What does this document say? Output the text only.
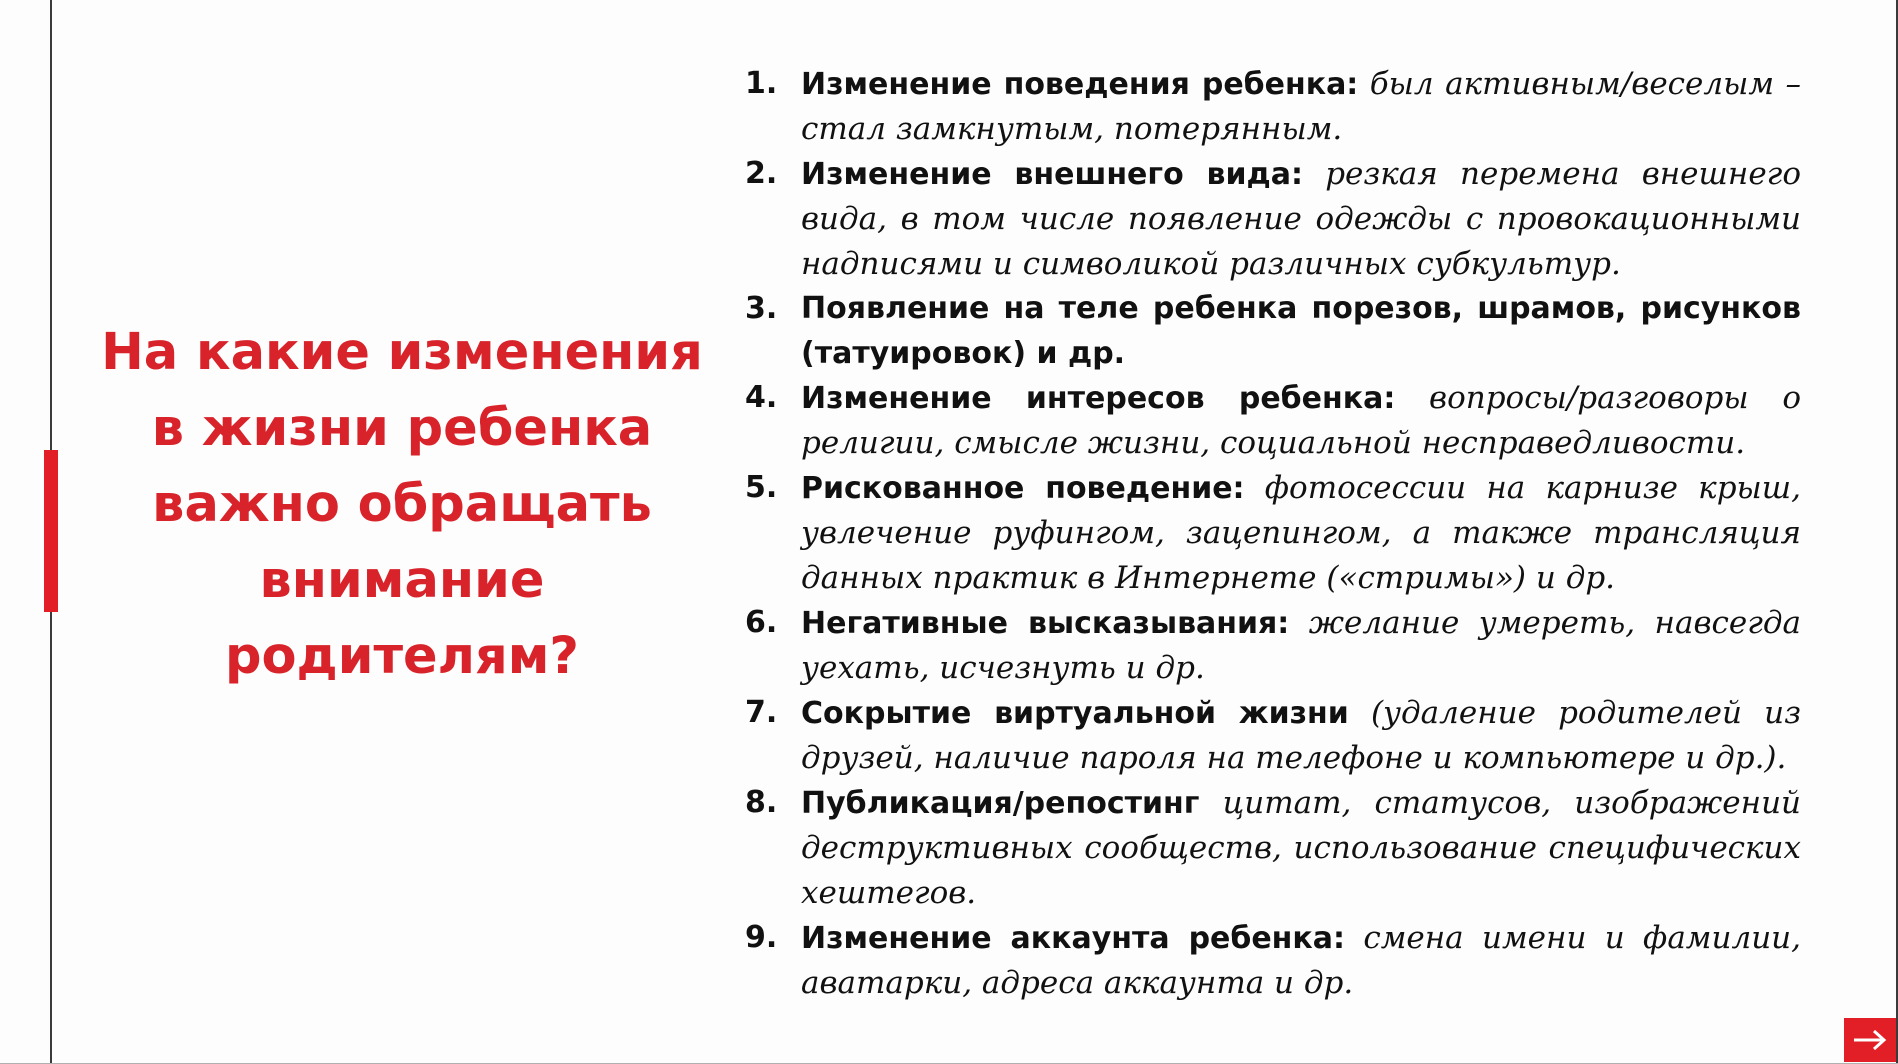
На какие изменения в жизни ребенка важно обращать внимание родителям?
1. Изменение поведения ребенка: был активным/веселым – стал замкнутым, потерянным.
2. Изменение внешнего вида: резкая перемена внешнего вида, в том числе появление одежды с провокационными надписями и символикой различных субкультур.
3. Появление на теле ребенка порезов, шрамов, рисунков (татуировок) и др.
4. Изменение интересов ребенка: вопросы/разговоры о религии, смысле жизни, социальной несправедливости.
5. Рискованное поведение: фотосессии на карнизе крыш, увлечение руфингом, зацепингом, а также трансляция данных практик в Интернете («стримы») и др.
6. Негативные высказывания: желание умереть, навсегда уехать, исчезнуть и др.
7. Сокрытие виртуальной жизни (удаление родителей из друзей, наличие пароля на телефоне и компьютере и др.).
8. Публикация/репостинг цитат, статусов, изображений деструктивных сообществ, использование специфических хештегов.
9. Изменение аккаунта ребенка: смена имени и фамилии, аватарки, адреса аккаунта и др.
